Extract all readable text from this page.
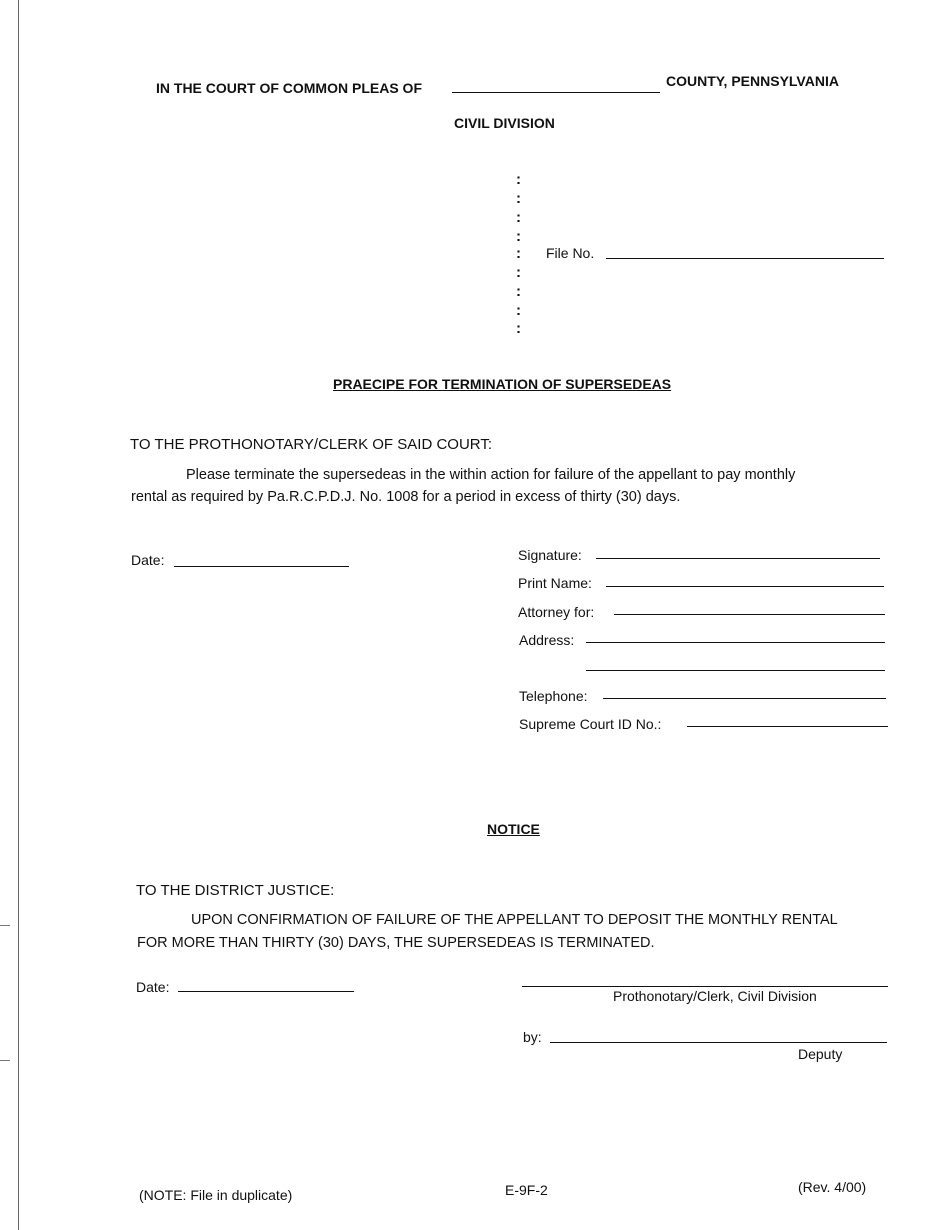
IN THE COURT OF COMMON PLEAS OF	COUNTY, PENNSYLVANIA
CIVIL DIVISION
:
:
:
:
:
:
:
:
:
File No.
PRAECIPE FOR TERMINATION OF SUPERSEDEAS
TO THE PROTHONOTARY/CLERK OF SAID COURT:
Please terminate the supersedeas in the within action for failure of the appellant to pay monthly
rental as required by Pa.R.C.P.D.J. No. 1008 for a period in excess of thirty (30) days.
Date:	Signature:
Print Name:
Attorney for:
Address:
Telephone:
Supreme Court ID No.:
NOTICE
TO THE DISTRICT JUSTICE:
UPON CONFIRMATION OF FAILURE OF THE APPELLANT TO DEPOSIT THE MONTHLY RENTAL
FOR MORE THAN THIRTY (30) DAYS, THE SUPERSEDEAS IS TERMINATED.
Date:
Prothonotary/Clerk, Civil Division
by:
Deputy
(NOTE: File in duplicate)	E-9F-2	(Rev. 4/00)
